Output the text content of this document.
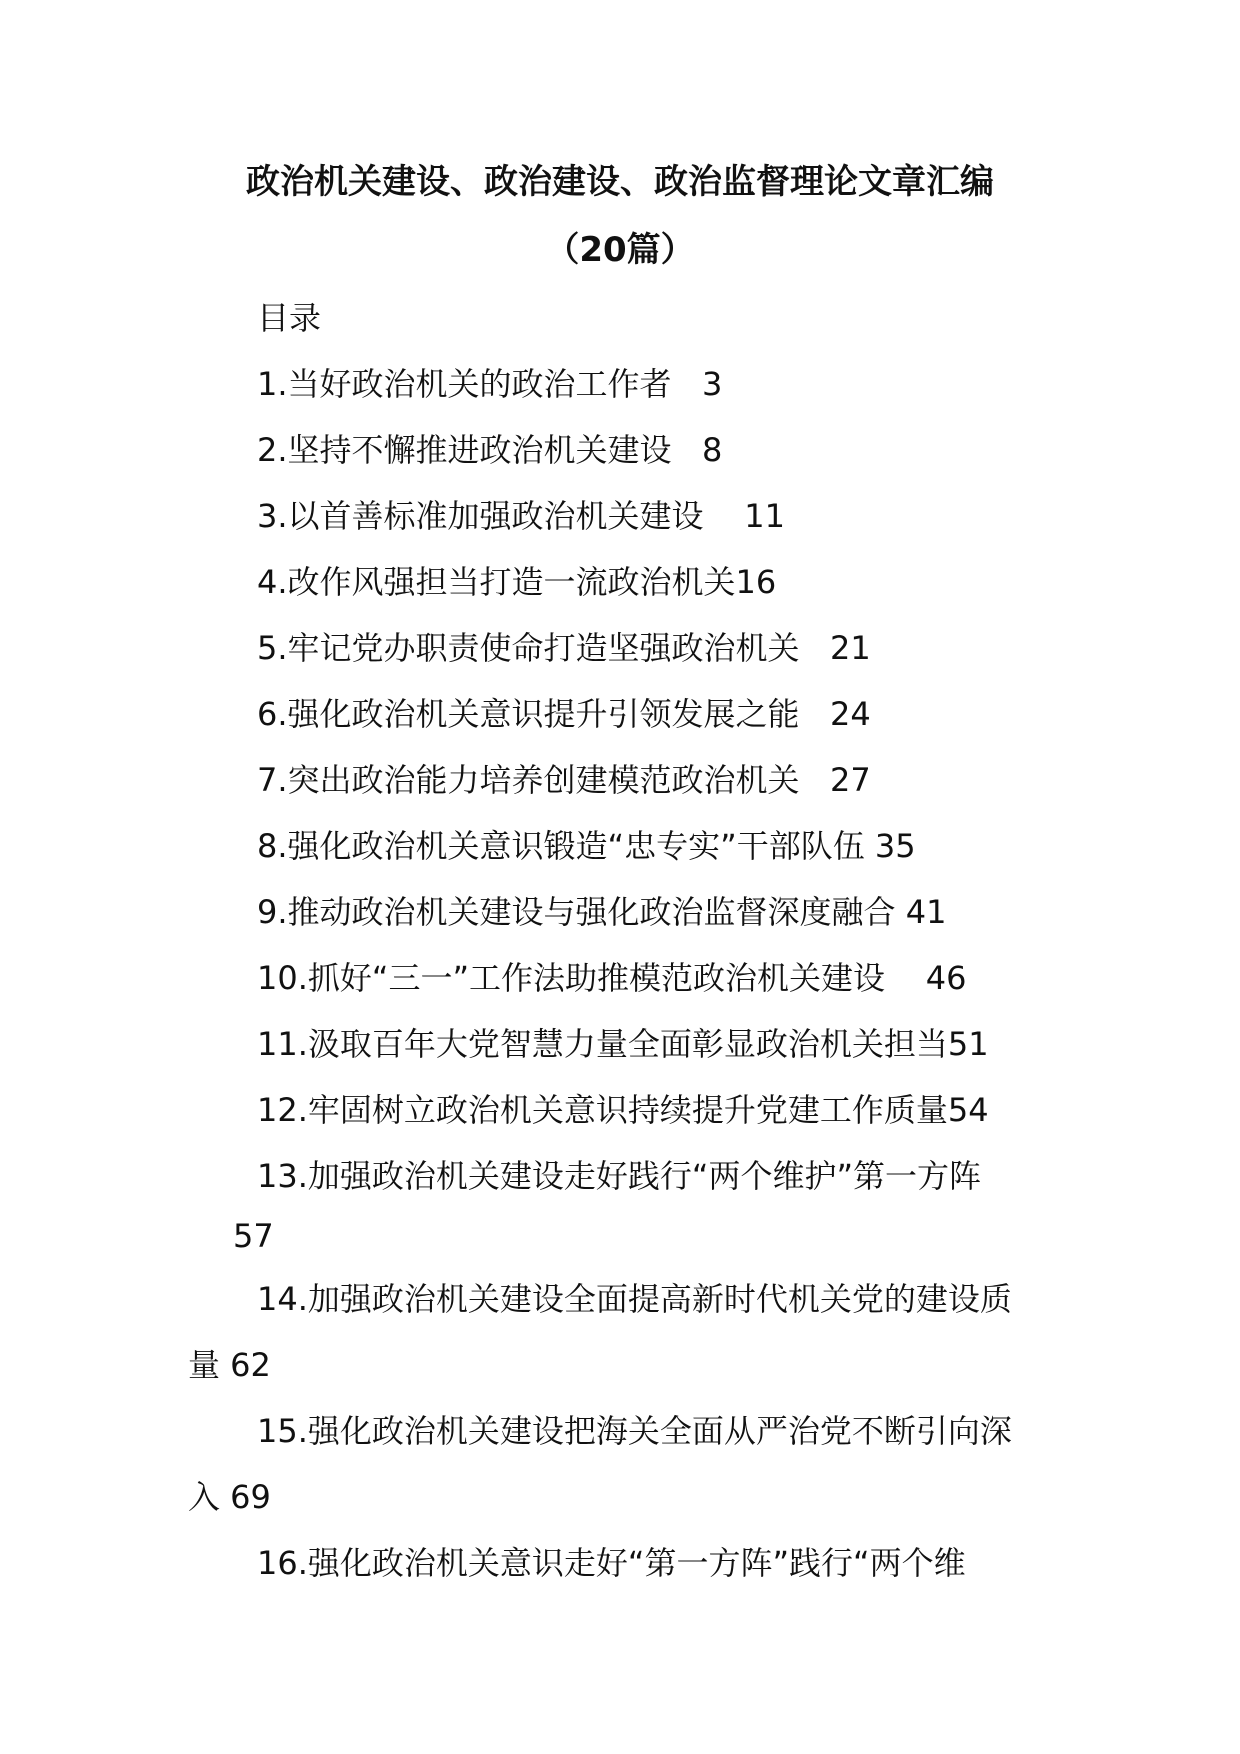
政治机关建设、政治建设、政治监督理论文章汇编
（20篇）
目录
1.当好政治机关的政治工作者   3
2.坚持不懈推进政治机关建设   8
3.以首善标准加强政治机关建设    11
4.改作风强担当打造一流政治机关16
5.牢记党办职责使命打造坚强政治机关   21
6.强化政治机关意识提升引领发展之能   24
7.突出政治能力培养创建模范政治机关   27
8.强化政治机关意识锻造“忠专实”干部队伍 35
9.推动政治机关建设与强化政治监督深度融合 41
10.抓好“三一”工作法助推模范政治机关建设    46
11.汲取百年大党智慧力量全面彰显政治机关担当51
12.牢固树立政治机关意识持续提升党建工作质量54
13.加强政治机关建设走好践行“两个维护”第一方阵
57
14.加强政治机关建设全面提高新时代机关党的建设质
量 62
15.强化政治机关建设把海关全面从严治党不断引向深
入 69
16.强化政治机关意识走好“第一方阵”践行“两个维
